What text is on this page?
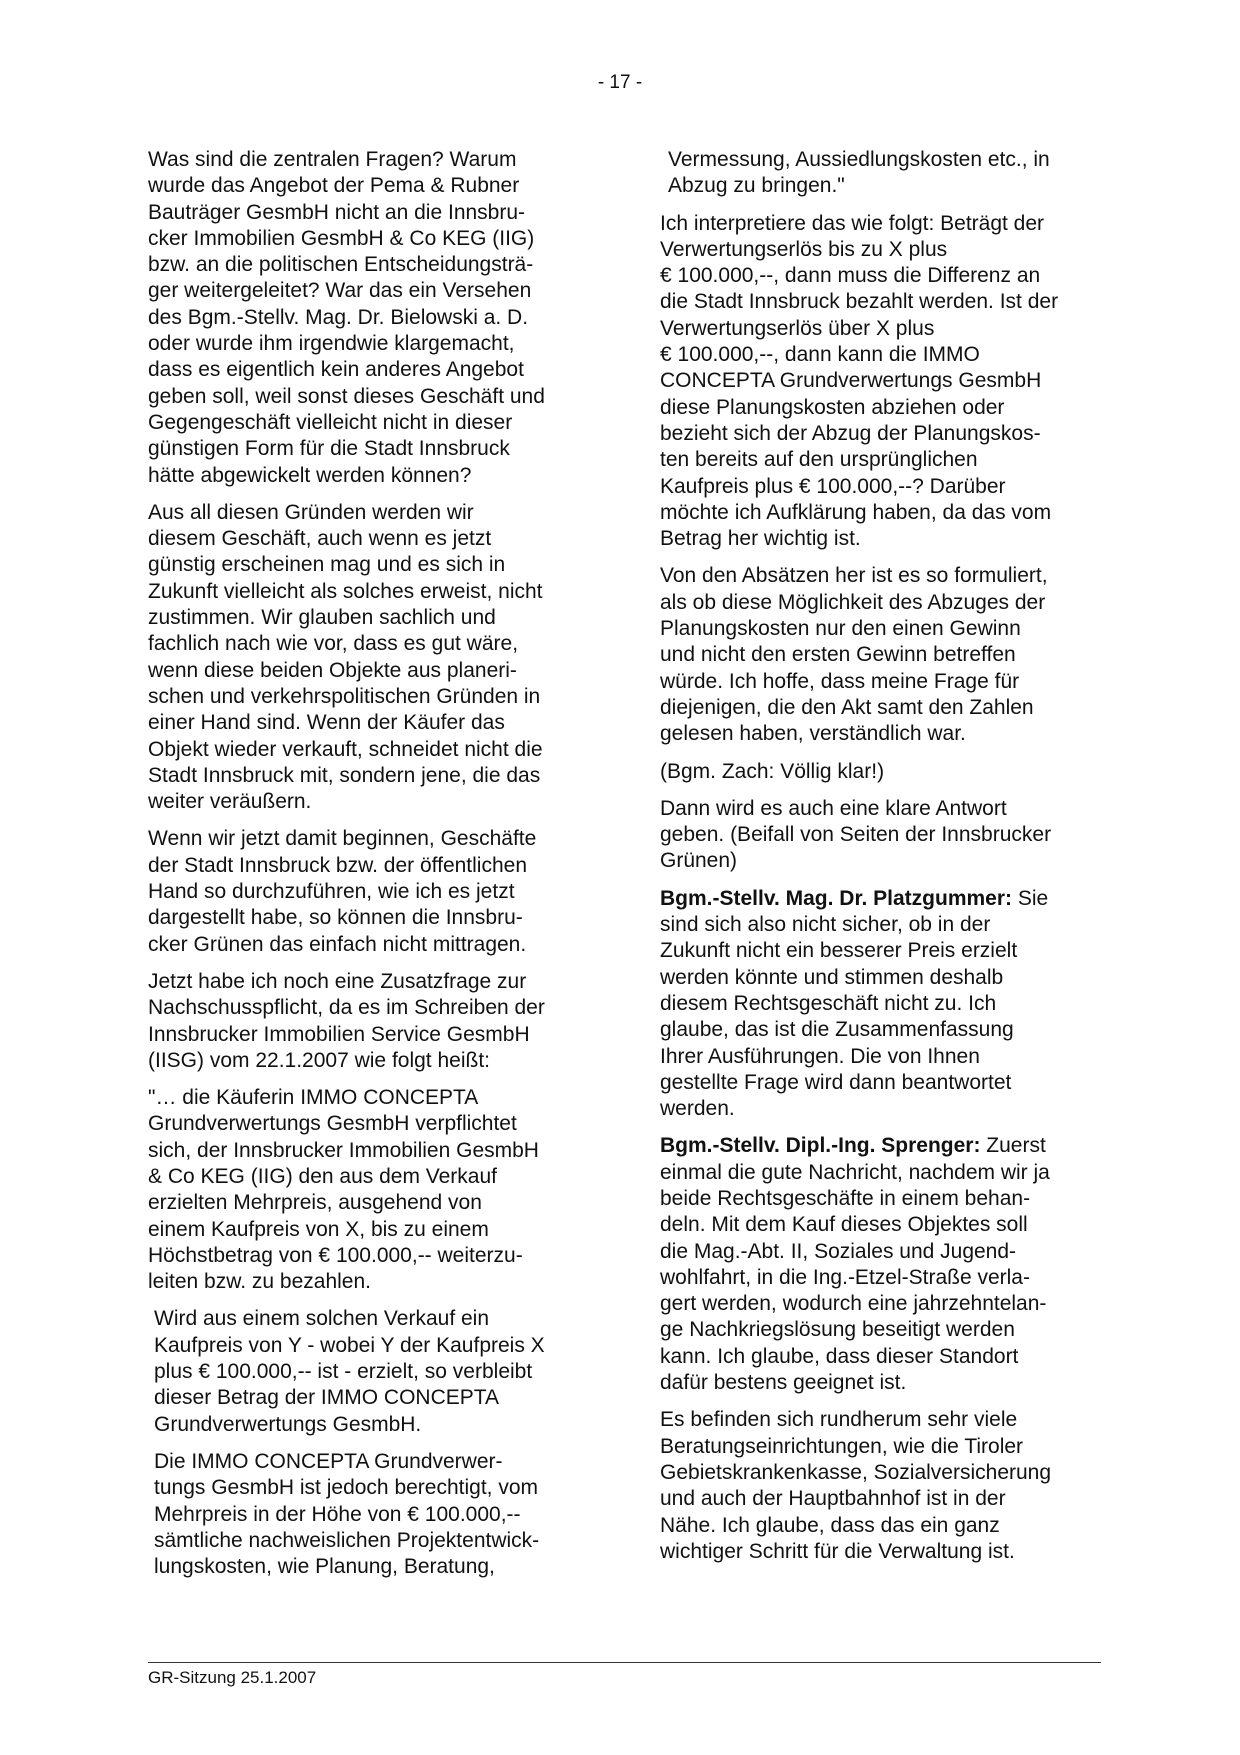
- 17 -

Was sind die zentralen Fragen? Warum
wurde das Angebot der Pema & Rubner
Bauträger GesmbH nicht an die Innsbru-
cker Immobilien GesmbH & Co KEG (IIG)
bzw. an die politischen Entscheidungsträ-
ger weitergeleitet? War das ein Versehen
des Bgm.-Stellv. Mag. Dr. Bielowski a. D.
oder wurde ihm irgendwie klargemacht,
dass es eigentlich kein anderes Angebot
geben soll, weil sonst dieses Geschäft und
Gegengeschäft vielleicht nicht in dieser
günstigen Form für die Stadt Innsbruck
hätte abgewickelt werden können?

Aus all diesen Gründen werden wir
diesem Geschäft, auch wenn es jetzt
günstig erscheinen mag und es sich in
Zukunft vielleicht als solches erweist, nicht
zustimmen. Wir glauben sachlich und
fachlich nach wie vor, dass es gut wäre,
wenn diese beiden Objekte aus planeri-
schen und verkehrspolitischen Gründen in
einer Hand sind. Wenn der Käufer das
Objekt wieder verkauft, schneidet nicht die
Stadt Innsbruck mit, sondern jene, die das
weiter veräußern.

Wenn wir jetzt damit beginnen, Geschäfte
der Stadt Innsbruck bzw. der öffentlichen
Hand so durchzuführen, wie ich es jetzt
dargestellt habe, so können die Innsbru-
cker Grünen das einfach nicht mittragen.

Jetzt habe ich noch eine Zusatzfrage zur
Nachschusspflicht, da es im Schreiben der
Innsbrucker Immobilien Service GesmbH
(IISG) vom 22.1.2007 wie folgt heißt:

"… die Käuferin IMMO CONCEPTA
Grundverwertungs GesmbH verpflichtet
sich, der Innsbrucker Immobilien GesmbH
& Co KEG (IIG) den aus dem Verkauf
erzielten Mehrpreis, ausgehend von
einem Kaufpreis von X, bis zu einem
Höchstbetrag von € 100.000,-- weiterzu-
leiten bzw. zu bezahlen.

Wird aus einem solchen Verkauf ein
Kaufpreis von Y - wobei Y der Kaufpreis X
plus € 100.000,-- ist - erzielt, so verbleibt
dieser Betrag der IMMO CONCEPTA
Grundverwertungs GesmbH.

Die IMMO CONCEPTA Grundverwer-
tungs GesmbH ist jedoch berechtigt, vom
Mehrpreis in der Höhe von € 100.000,--
sämtliche nachweislichen Projektentwick-
lungskosten, wie Planung, Beratung,

Vermessung, Aussiedlungskosten etc., in
Abzug zu bringen."

Ich interpretiere das wie folgt: Beträgt der
Verwertungserlös bis zu X plus
€ 100.000,--, dann muss die Differenz an
die Stadt Innsbruck bezahlt werden. Ist der
Verwertungserlös über X plus
€ 100.000,--, dann kann die IMMO
CONCEPTA Grundverwertungs GesmbH
diese Planungskosten abziehen oder
bezieht sich der Abzug der Planungskos-
ten bereits auf den ursprünglichen
Kaufpreis plus € 100.000,--? Darüber
möchte ich Aufklärung haben, da das vom
Betrag her wichtig ist.

Von den Absätzen her ist es so formuliert,
als ob diese Möglichkeit des Abzuges der
Planungskosten nur den einen Gewinn
und nicht den ersten Gewinn betreffen
würde. Ich hoffe, dass meine Frage für
diejenigen, die den Akt samt den Zahlen
gelesen haben, verständlich war.

(Bgm. Zach: Völlig klar!)

Dann wird es auch eine klare Antwort
geben. (Beifall von Seiten der Innsbrucker
Grünen)

Bgm.-Stellv. Mag. Dr. Platzgummer: Sie
sind sich also nicht sicher, ob in der
Zukunft nicht ein besserer Preis erzielt
werden könnte und stimmen deshalb
diesem Rechtsgeschäft nicht zu. Ich
glaube, das ist die Zusammenfassung
Ihrer Ausführungen. Die von Ihnen
gestellte Frage wird dann beantwortet
werden.

Bgm.-Stellv. Dipl.-Ing. Sprenger: Zuerst
einmal die gute Nachricht, nachdem wir ja
beide Rechtsgeschäfte in einem behan-
deln. Mit dem Kauf dieses Objektes soll
die Mag.-Abt. II, Soziales und Jugend-
wohlfahrt, in die Ing.-Etzel-Straße verla-
gert werden, wodurch eine jahrzehntelan-
ge Nachkriegslösung beseitigt werden
kann. Ich glaube, dass dieser Standort
dafür bestens geeignet ist.

Es befinden sich rundherum sehr viele
Beratungseinrichtungen, wie die Tiroler
Gebietskrankenkasse, Sozialversicherung
und auch der Hauptbahnhof ist in der
Nähe. Ich glaube, dass das ein ganz
wichtiger Schritt für die Verwaltung ist.

GR-Sitzung 25.1.2007
